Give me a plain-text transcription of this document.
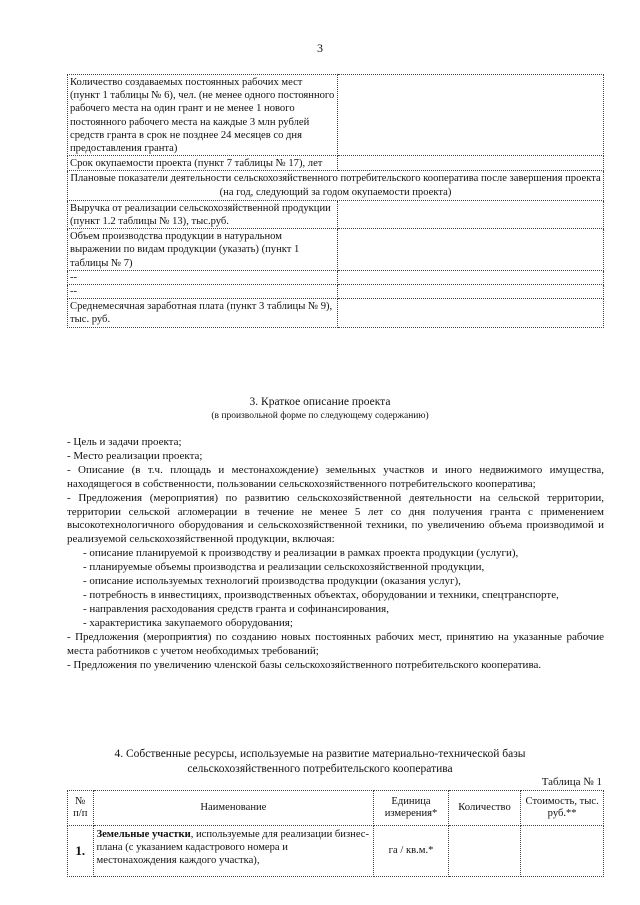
3
Количество создаваемых постоянных рабочих мест (пункт 1 таблицы № 6), чел. (не менее одного постоянного рабочего места на один грант и не менее 1 нового постоянного рабочего места на каждые 3 млн рублей средств гранта в срок не позднее 24 месяцев со дня предоставления гранта)	
Срок окупаемости проекта (пункт 7 таблицы № 17), лет	
Плановые показатели деятельности сельскохозяйственного потребительского кооператива после завершения проекта (на год, следующий за годом окупаемости проекта)	
Выручка от реализации сельскохозяйственной продукции (пункт 1.2 таблицы № 13), тыс.руб.	
Объем производства продукции в натуральном выражении по видам продукции (указать) (пункт 1 таблицы № 7)	
--	
--	
Среднемесячная заработная плата (пункт 3 таблицы № 9), тыс. руб.	
3. Краткое описание проекта
(в произвольной форме по следующему содержанию)

- Цель и задачи проекта;

- Место реализации проекта;

- Описание (в т.ч. площадь и местонахождение) земельных участков и иного недвижимого имущества, находящегося в собственности, пользовании сельскохозяйственного потребительского кооператива;

- Предложения (мероприятия) по развитию сельскохозяйственной деятельности на сельской территории, территории сельской агломерации в течение не менее 5 лет со дня получения гранта с применением высокотехнологичного оборудования и сельскохозяйственной техники, по увеличению объема производимой и реализуемой сельскохозяйственной продукции, включая:

- описание планируемой к производству и реализации в рамках проекта продукции (услуги),

- планируемые объемы производства и реализации сельскохозяйственной продукции,

- описание используемых технологий производства продукции (оказания услуг),

- потребность в инвестициях, производственных объектах, оборудовании и техники, спецтранспорте,

- направления расходования средств гранта и софинансирования,

- характеристика закупаемого оборудования;

- Предложения (мероприятия) по созданию новых постоянных рабочих мест, принятию на указанные рабочие места работников с учетом необходимых требований;

- Предложения по увеличению членской базы сельскохозяйственного потребительского кооператива.

4. Собственные ресурсы, используемые на развитие материально-технической базы
сельскохозяйственного потребительского кооператива
Таблица № 1
№ п/п	Наименование	Единица измерения*	Количество	Стоимость, тыс. руб.**
1.	Земельные участки, используемые для реализации бизнес-плана (с указанием кадастрового номера и местонахождения каждого участка),	га / кв.м.*		
